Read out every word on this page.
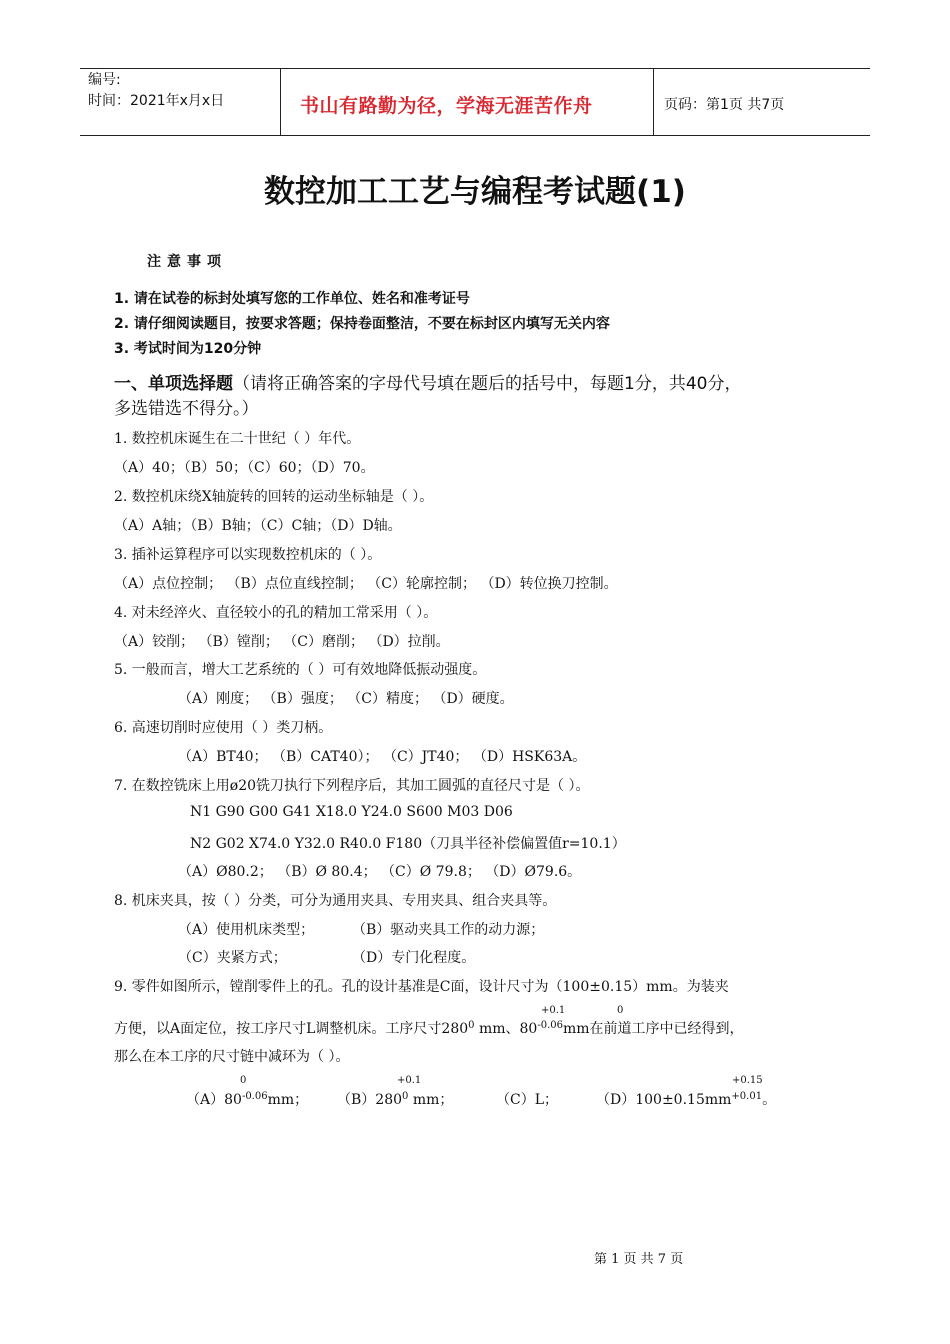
编号:
时间：2021年x月x日	书山有路勤为径，学海无涯苦作舟	页码：第1页 共7页
数控加工工艺与编程考试题(1)
注意事项
1. 请在试卷的标封处填写您的工作单位、姓名和准考证号
2. 请仔细阅读题目，按要求答题；保持卷面整洁，不要在标封区内填写无关内容
3. 考试时间为120分钟
一、单项选择题（请将正确答案的字母代号填在题后的括号中，每题1分，共40分，
多选错选不得分。）
1. 数控机床诞生在二十世纪（ ）年代。
（A）40；（B）50；（C）60；（D）70。
2. 数控机床绕X轴旋转的回转的运动坐标轴是（ ）。
（A）A轴；（B）B轴；（C）C轴；（D）D轴。
3. 插补运算程序可以实现数控机床的（ ）。
（A）点位控制； （B）点位直线控制； （C）轮廓控制； （D）转位换刀控制。
4. 对未经淬火、直径较小的孔的精加工常采用（ ）。
（A）铰削； （B）镗削； （C）磨削； （D）拉削。
5. 一般而言，增大工艺系统的（ ）可有效地降低振动强度。
（A）刚度； （B）强度； （C）精度； （D）硬度。
6. 高速切削时应使用（ ）类刀柄。
（A）BT40； （B）CAT40）； （C）JT40； （D）HSK63A。
7. 在数控铣床上用ø20铣刀执行下列程序后，其加工圆弧的直径尺寸是（ ）。
N1 G90 G00 G41 X18.0 Y24.0 S600 M03 D06
N2 G02 X74.0 Y32.0 R40.0 F180（刀具半径补偿偏置值r=10.1）
（A）Ø80.2； （B）Ø 80.4； （C）Ø 79.8； （D）Ø79.6。
8. 机床夹具，按（ ）分类，可分为通用夹具、专用夹具、组合夹具等。
（A）使用机床类型；	（B）驱动夹具工作的动力源；
（C）夹紧方式；	（D）专门化程度。
9. 零件如图所示，镗削零件上的孔。孔的设计基准是C面，设计尺寸为（100±0.15）mm。为装夹
+0.1	0
方便，以A面定位，按工序尺寸L调整机床。工序尺寸$280^0$ mm、$80^{-0.06}mm$在前道工序中已经得到，
那么在本工序的尺寸链中减环为（ ）。
0	+0.1	+0.15
$(A)80^{-0.06}mm$； $(B)280^0$ mm；	（C）L；	$(D)100\pm 0.15mm^{+0.01}$。
第 1 页 共 7 页
